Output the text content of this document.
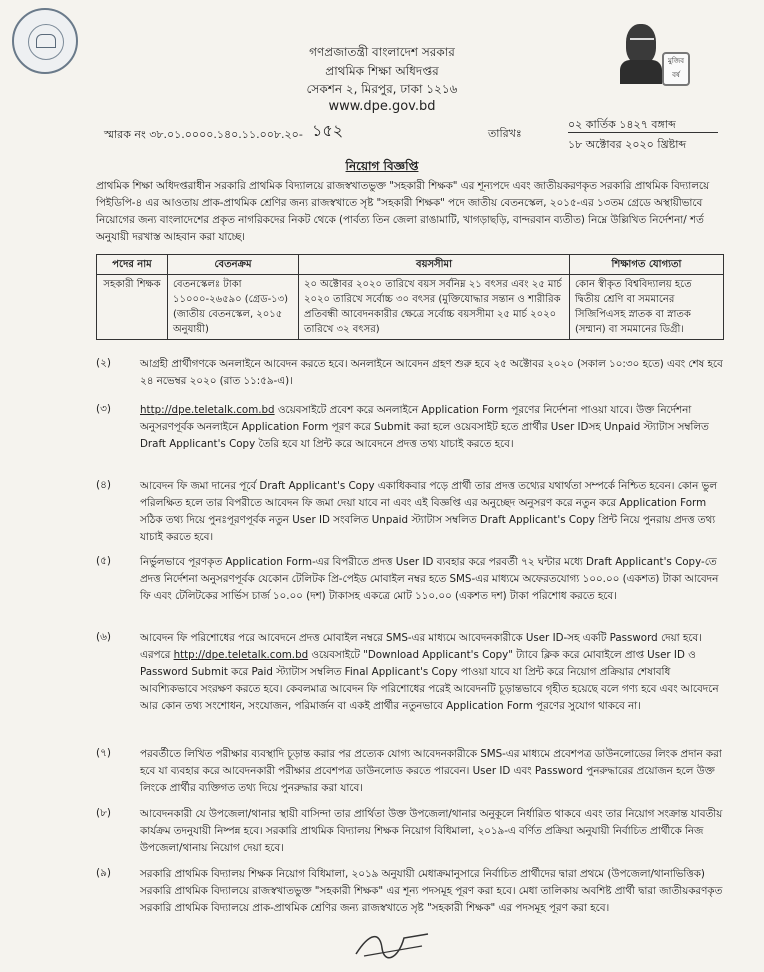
মুজিব বর্ষ
গণপ্রজাতন্ত্রী বাংলাদেশ সরকার
প্রাথমিক শিক্ষা অধিদপ্তর
সেকশন ২, মিরপুর, ঢাকা ১২১৬
www.dpe.gov.bd
স্মারক নং ৩৮.০১.০০০০.১৪০.১১.০০৮.২০- ১৫২	তারিখঃ
০২ কার্তিক ১৪২৭ বঙ্গাব্দ
১৮ অক্টোবর ২০২০ খ্রিষ্টাব্দ
নিয়োগ বিজ্ঞপ্তি
প্রাথমিক শিক্ষা অধিদপ্তরাধীন সরকারি প্রাথমিক বিদ্যালয়ে রাজস্বখাতভুক্ত "সহকারী শিক্ষক" এর শূন্যপদে এবং জাতীয়করণকৃত সরকারি প্রাথমিক বিদ্যালয়ে পিইডিপি-৪ এর আওতায় প্রাক-প্রাথমিক শ্রেণির জন্য রাজস্বখাতে সৃষ্ট "সহকারী শিক্ষক" পদে জাতীয় বেতনস্কেল, ২০১৫-এর ১৩তম গ্রেডে অস্থায়ীভাবে নিয়োগের জন্য বাংলাদেশের প্রকৃত নাগরিকদের নিকট থেকে (পার্বত্য তিন জেলা রাঙামাটি, খাগড়াছড়ি, বান্দরবান ব্যতীত) নিম্নে উল্লিখিত নির্দেশনা/ শর্ত অনুযায়ী দরখাস্ত আহবান করা যাচ্ছে।
পদের নাম	বেতনক্রম	বয়সসীমা	শিক্ষাগত যোগ্যতা
সহকারী শিক্ষক	বেতনস্কেলঃ টাকা ১১০০০-২৬৫৯০ (গ্রেড-১৩) (জাতীয় বেতনস্কেল, ২০১৫ অনুযায়ী)	২০ অক্টোবর ২০২০ তারিখে বয়স সর্বনিম্ন ২১ বৎসর এবং ২৫ মার্চ ২০২০ তারিখে সর্বোচ্চ ৩০ বৎসর (মুক্তিযোদ্ধার সন্তান ও শারীরিক প্রতিবন্ধী আবেদনকারীর ক্ষেত্রে সর্বোচ্চ বয়সসীমা ২৫ মার্চ ২০২০ তারিখে ৩২ বৎসর)	কোন স্বীকৃত বিশ্ববিদ্যালয় হতে দ্বিতীয় শ্রেণি বা সমমানের সিজিপিএসহ স্নাতক বা স্নাতক (সম্মান) বা সমমানের ডিগ্রী।
(২)	আগ্রহী প্রার্থীগণকে অনলাইনে আবেদন করতে হবে। অনলাইনে আবেদন গ্রহণ শুরু হবে ২৫ অক্টোবর ২০২০ (সকাল ১০:৩০ হতে) এবং শেষ হবে ২৪ নভেম্বর ২০২০ (রাত ১১:৫৯-এ)।
(৩)	http://dpe.teletalk.com.bd ওয়েবসাইটে প্রবেশ করে অনলাইনে Application Form পূরণের নির্দেশনা পাওয়া যাবে। উক্ত নির্দেশনা অনুসরণপূর্বক অনলাইনে Application Form পূরণ করে Submit করা হলে ওয়েবসাইট হতে প্রার্থীর User IDসহ Unpaid স্ট্যাটাস সম্বলিত Draft Applicant's Copy তৈরি হবে যা প্রিন্ট করে আবেদনে প্রদত্ত তথ্য যাচাই করতে হবে।
(৪)	আবেদন ফি জমা দানের পূর্বে Draft Applicant's Copy একাধিকবার পড়ে প্রার্থী তার প্রদত্ত তথ্যের যথার্থতা সম্পর্কে নিশ্চিত হবেন। কোন ভুল পরিলক্ষিত হলে তার বিপরীতে আবেদন ফি জমা দেয়া যাবে না এবং এই বিজ্ঞপ্তি এর অনুচ্ছেদ অনুসরণ করে নতুন করে Application Form সঠিক তথ্য দিয়ে পুনঃপূরণপূর্বক নতুন User ID সংবলিত Unpaid স্ট্যাটাস সম্বলিত Draft Applicant's Copy প্রিন্ট নিয়ে পুনরায় প্রদত্ত তথ্য যাচাই করতে হবে।
(৫)	নির্ভুলভাবে পূরণকৃত Application Form-এর বিপরীতে প্রদত্ত User ID ব্যবহার করে পরবর্তী ৭২ ঘন্টার মধ্যে Draft Applicant's Copy-তে প্রদত্ত নির্দেশনা অনুসরণপূর্বক যেকোন টেলিটক প্রি-পেইড মোবাইল নম্বর হতে SMS-এর মাধ্যমে অফেরতযোগ্য ১০০.০০ (একশত) টাকা আবেদন ফি এবং টেলিটকের সার্ভিস চার্জ ১০.০০ (দশ) টাকাসহ একত্রে মোট ১১০.০০ (একশত দশ) টাকা পরিশোধ করতে হবে।
(৬)	আবেদন ফি পরিশোধের পরে আবেদনে প্রদত্ত মোবাইল নম্বরে SMS-এর মাধ্যমে আবেদনকারীকে User ID-সহ একটি Password দেয়া হবে। এরপরে http://dpe.teletalk.com.bd ওয়েবসাইটে "Download Applicant's Copy" ট্যাবে ক্লিক করে মোবাইলে প্রাপ্ত User ID ও Password Submit করে Paid স্ট্যাটাস সম্বলিত Final Applicant's Copy পাওয়া যাবে যা প্রিন্ট করে নিয়োগ প্রক্রিয়ার শেষাবধি আবশ্যিকভাবে সংরক্ষণ করতে হবে। কেবলমাত্র আবেদন ফি পরিশোধের পরেই আবেদনটি চূড়ান্তভাবে গৃহীত হয়েছে বলে গণ্য হবে এবং আবেদনে আর কোন তথ্য সংশোধন, সংযোজন, পরিমার্জন বা একই প্রার্থীর নতুনভাবে Application Form পূরণের সুযোগ থাকবে না।
(৭)	পরবর্তীতে লিখিত পরীক্ষার ব্যবস্থাদি চূড়ান্ত করার পর প্রত্যেক যোগ্য আবেদনকারীকে SMS-এর মাধ্যমে প্রবেশপত্র ডাউনলোডের লিংক প্রদান করা হবে যা ব্যবহার করে আবেদনকারী পরীক্ষার প্রবেশপত্র ডাউনলোড করতে পারবেন। User ID এবং Password পুনরুদ্ধারের প্রয়োজন হলে উক্ত লিংকে প্রার্থীর ব্যক্তিগত তথ্য দিয়ে পুনরুদ্ধার করা যাবে।
(৮)	আবেদনকারী যে উপজেলা/থানার স্থায়ী বাসিন্দা তার প্রার্থিতা উক্ত উপজেলা/থানার অনুকূলে নির্ধারিত থাকবে এবং তার নিয়োগ সংক্রান্ত যাবতীয় কার্যক্রম তদনুযায়ী নিষ্পন্ন হবে। সরকারি প্রাথমিক বিদ্যালয় শিক্ষক নিয়োগ বিধিমালা, ২০১৯-এ বর্ণিত প্রক্রিয়া অনুযায়ী নির্বাচিত প্রার্থীকে নিজ উপজেলা/থানায় নিয়োগ দেয়া হবে।
(৯)	সরকারি প্রাথমিক বিদ্যালয় শিক্ষক নিয়োগ বিধিমালা, ২০১৯ অনুযায়ী মেধাক্রমানুসারে নির্বাচিত প্রার্থীদের দ্বারা প্রথমে (উপজেলা/থানাভিত্তিক) সরকারি প্রাথমিক বিদ্যালয়ে রাজস্বখাতভুক্ত "সহকারী শিক্ষক" এর শূন্য পদসমূহ পূরণ করা হবে। মেধা তালিকায় অবশিষ্ট প্রার্থী দ্বারা জাতীয়করণকৃত সরকারি প্রাথমিক বিদ্যালয়ে প্রাক-প্রাথমিক শ্রেণির জন্য রাজস্বখাতে সৃষ্ট "সহকারী শিক্ষক" এর পদসমূহ পূরণ করা হবে।
